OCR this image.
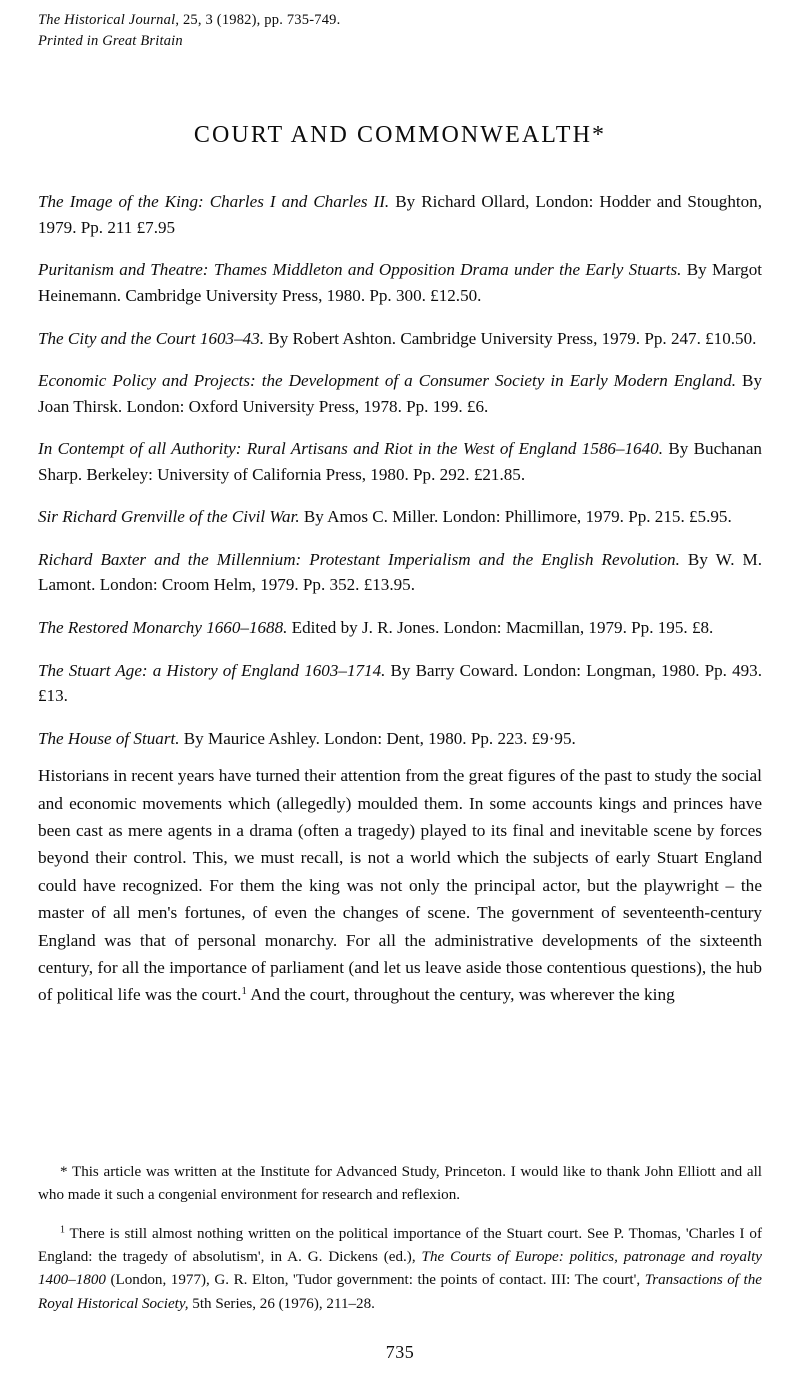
The Historical Journal, 25, 3 (1982), pp. 735-749.
Printed in Great Britain
COURT AND COMMONWEALTH*

The Image of the King: Charles I and Charles II. By Richard Ollard, London: Hodder and Stoughton, 1979. Pp. 211 £7.95

Puritanism and Theatre: Thames Middleton and Opposition Drama under the Early Stuarts. By Margot Heinemann. Cambridge University Press, 1980. Pp. 300. £12.50.

The City and the Court 1603–43. By Robert Ashton. Cambridge University Press, 1979. Pp. 247. £10.50.

Economic Policy and Projects: the Development of a Consumer Society in Early Modern England. By Joan Thirsk. London: Oxford University Press, 1978. Pp. 199. £6.

In Contempt of all Authority: Rural Artisans and Riot in the West of England 1586–1640. By Buchanan Sharp. Berkeley: University of California Press, 1980. Pp. 292. £21.85.

Sir Richard Grenville of the Civil War. By Amos C. Miller. London: Phillimore, 1979. Pp. 215. £5.95.

Richard Baxter and the Millennium: Protestant Imperialism and the English Revolution. By W. M. Lamont. London: Croom Helm, 1979. Pp. 352. £13.95.

The Restored Monarchy 1660–1688. Edited by J. R. Jones. London: Macmillan, 1979. Pp. 195. £8.

The Stuart Age: a History of England 1603–1714. By Barry Coward. London: Longman, 1980. Pp. 493. £13.

The House of Stuart. By Maurice Ashley. London: Dent, 1980. Pp. 223. £9·95.

Historians in recent years have turned their attention from the great figures of the past to study the social and economic movements which (allegedly) moulded them. In some accounts kings and princes have been cast as mere agents in a drama (often a tragedy) played to its final and inevitable scene by forces beyond their control. This, we must recall, is not a world which the subjects of early Stuart England could have recognized. For them the king was not only the principal actor, but the playwright – the master of all men's fortunes, of even the changes of scene. The government of seventeenth-century England was that of personal monarchy. For all the administrative developments of the sixteenth century, for all the importance of parliament (and let us leave aside those contentious questions), the hub of political life was the court.$^1$ And the court, throughout the century, was wherever the king

* This article was written at the Institute for Advanced Study, Princeton. I would like to thank John Elliott and all who made it such a congenial environment for research and reflexion.

$^1$ There is still almost nothing written on the political importance of the Stuart court. See P. Thomas, 'Charles I of England: the tragedy of absolutism', in A. G. Dickens (ed.), The Courts of Europe: politics, patronage and royalty 1400–1800 (London, 1977), G. R. Elton, 'Tudor government: the points of contact. III: The court', Transactions of the Royal Historical Society, 5th Series, 26 (1976), 211–28.

735
